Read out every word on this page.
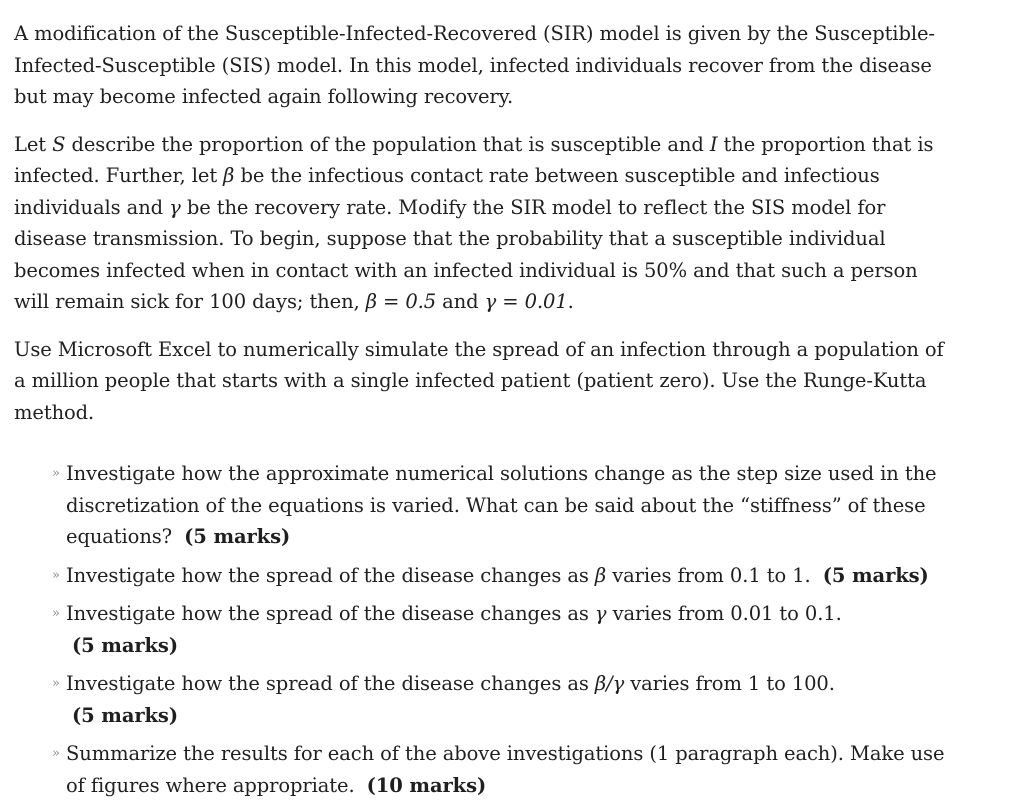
A modification of the Susceptible-Infected-Recovered (SIR) model is given by the Susceptible-Infected-Susceptible (SIS) model. In this model, infected individuals recover from the disease but may become infected again following recovery.

Let S describe the proportion of the population that is susceptible and I the proportion that is infected. Further, let β be the infectious contact rate between susceptible and infectious individuals and γ be the recovery rate. Modify the SIR model to reflect the SIS model for disease transmission. To begin, suppose that the probability that a susceptible individual becomes infected when in contact with an infected individual is 50% and that such a person will remain sick for 100 days; then, β = 0.5 and γ = 0.01.

Use Microsoft Excel to numerically simulate the spread of an infection through a population of a million people that starts with a single infected patient (patient zero). Use the Runge-Kutta method.

» Investigate how the approximate numerical solutions change as the step size used in the discretization of the equations is varied. What can be said about the “stiffness” of these equations? (5 marks)
» Investigate how the spread of the disease changes as β varies from 0.1 to 1. (5 marks)
» Investigate how the spread of the disease changes as γ varies from 0.01 to 0.1.
(5 marks)
» Investigate how the spread of the disease changes as β/γ varies from 1 to 100.
(5 marks)
» Summarize the results for each of the above investigations (1 paragraph each). Make use of figures where appropriate. (10 marks)
